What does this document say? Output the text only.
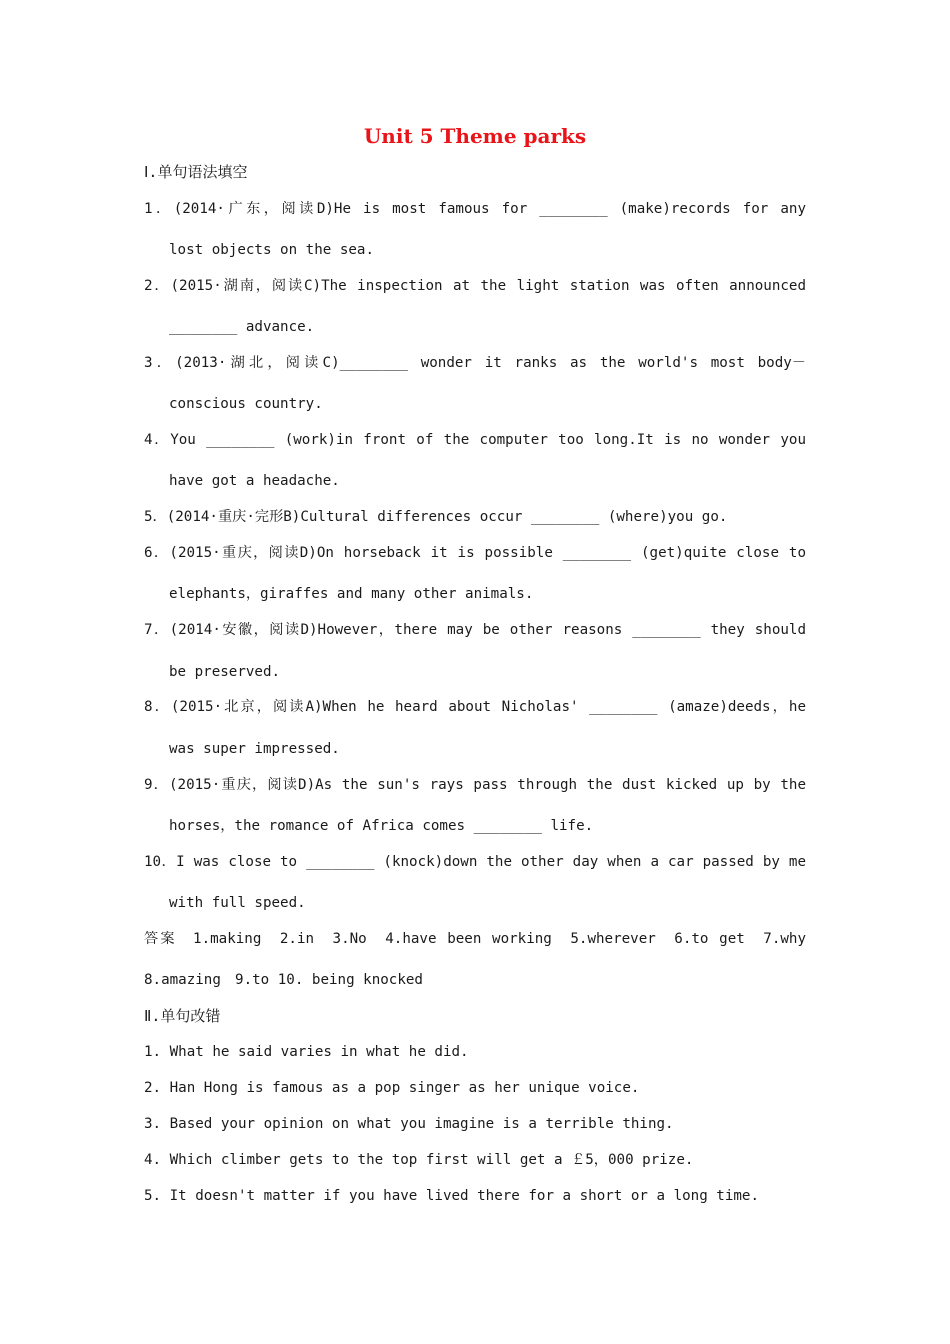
Unit 5 Theme parks
Ⅰ.单句语法填空
1．(2014·广东，阅读D)He is most famous for ________ (make)records for any
lost objects on the sea.
2．(2015·湖南，阅读C)The inspection at the light station was often announced
________ advance.
3．(2013·湖北，阅读C)________ wonder it ranks as the world's most body－
conscious country.
4．You ________ (work)in front of the computer too long.It is no wonder you
have got a headache.
5．(2014·重庆·完形B)Cultural differences occur ________ (where)you go.
6．(2015·重庆，阅读D)On horseback it is possible ________ (get)quite close to
elephants，giraffes and many other animals.
7．(2014·安徽，阅读D)However，there may be other reasons ________ they should
be preserved.
8．(2015·北京，阅读A)When he heard about Nicholas' ________ (amaze)deeds，he
was super impressed.
9．(2015·重庆，阅读D)As the sun's rays pass through the dust kicked up by the
horses，the romance of Africa comes ________ life.
10．I was close to ________ (knock)down the other day when a car passed by me
with full speed.
答案　1.making　2.in　3.No　4.have been working　5.wherever　6.to get　7.why
8.amazing　9.to 10. being knocked
Ⅱ.单句改错
1. What he said varies in what he did.
2. Han Hong is famous as a pop singer as her unique voice.
3. Based your opinion on what you imagine is a terrible thing.
4. Which climber gets to the top first will get a ￡5，000 prize.
5. It doesn't matter if you have lived there for a short or a long time.
